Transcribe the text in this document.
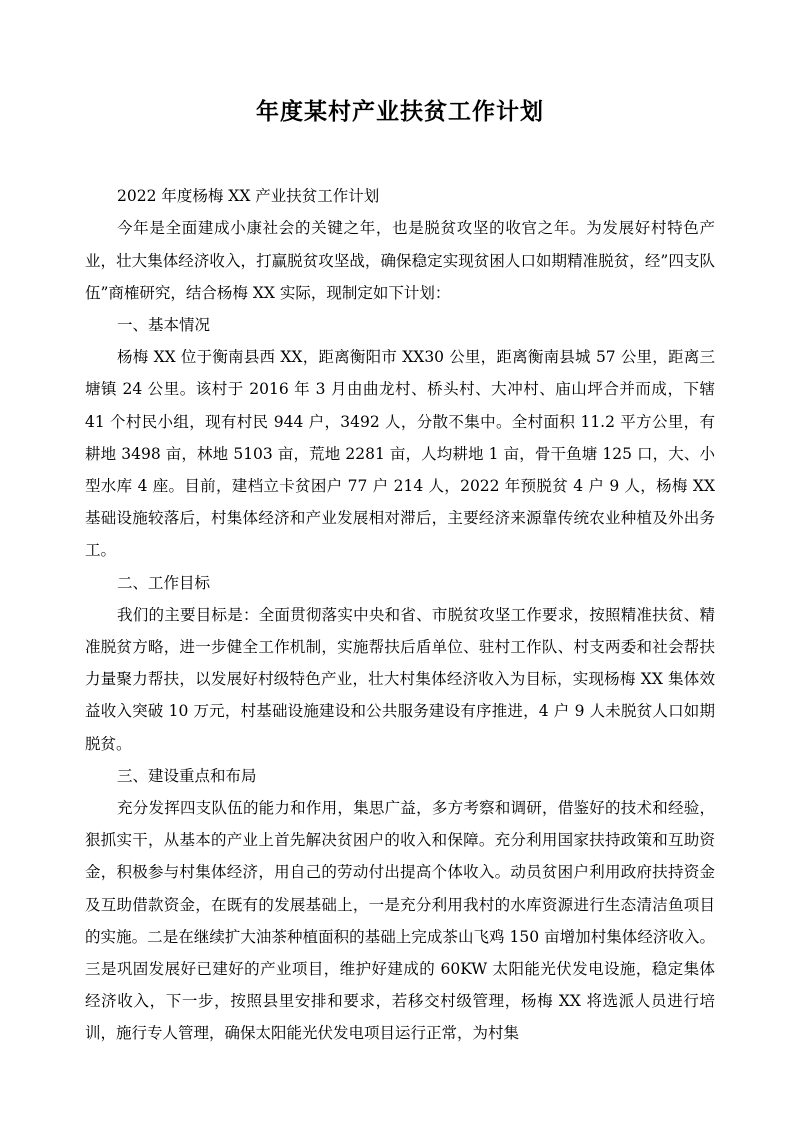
年度某村产业扶贫工作计划

2022 年度杨梅 XX 产业扶贫工作计划

今年是全面建成小康社会的关键之年，也是脱贫攻坚的收官之年。为发展好村特色产业，壮大集体经济收入，打赢脱贫攻坚战，确保稳定实现贫困人口如期精准脱贫，经”四支队伍”商榷研究，结合杨梅 XX 实际，现制定如下计划：

一、基本情况

杨梅 XX 位于衡南县西 XX，距离衡阳市 XX30 公里，距离衡南县城 57 公里，距离三塘镇 24 公里。该村于 2016 年 3 月由曲龙村、桥头村、大冲村、庙山坪合并而成，下辖 41 个村民小组，现有村民 944 户，3492 人，分散不集中。全村面积 11.2 平方公里，有耕地 3498 亩，林地 5103 亩，荒地 2281 亩，人均耕地 1 亩，骨干鱼塘 125 口，大、小型水库 4 座。目前，建档立卡贫困户 77 户 214 人，2022 年预脱贫 4 户 9 人，杨梅 XX 基础设施较落后，村集体经济和产业发展相对滞后，主要经济来源靠传统农业种植及外出务工。

二、工作目标

我们的主要目标是：全面贯彻落实中央和省、市脱贫攻坚工作要求，按照精准扶贫、精准脱贫方略，进一步健全工作机制，实施帮扶后盾单位、驻村工作队、村支两委和社会帮扶力量聚力帮扶，以发展好村级特色产业，壮大村集体经济收入为目标，实现杨梅 XX 集体效益收入突破 10 万元，村基础设施建设和公共服务建设有序推进，4 户 9 人未脱贫人口如期脱贫。

三、建设重点和布局

充分发挥四支队伍的能力和作用，集思广益，多方考察和调研，借鉴好的技术和经验，狠抓实干，从基本的产业上首先解决贫困户的收入和保障。充分利用国家扶持政策和互助资金，积极参与村集体经济，用自己的劳动付出提高个体收入。动员贫困户利用政府扶持资金及互助借款资金，在既有的发展基础上，一是充分利用我村的水库资源进行生态清洁鱼项目的实施。二是在继续扩大油茶种植面积的基础上完成茶山飞鸡 150 亩增加村集体经济收入。三是巩固发展好已建好的产业项目，维护好建成的 60KW 太阳能光伏发电设施，稳定集体经济收入，下一步，按照县里安排和要求，若移交村级管理，杨梅 XX 将选派人员进行培训，施行专人管理，确保太阳能光伏发电项目运行正常，为村集
